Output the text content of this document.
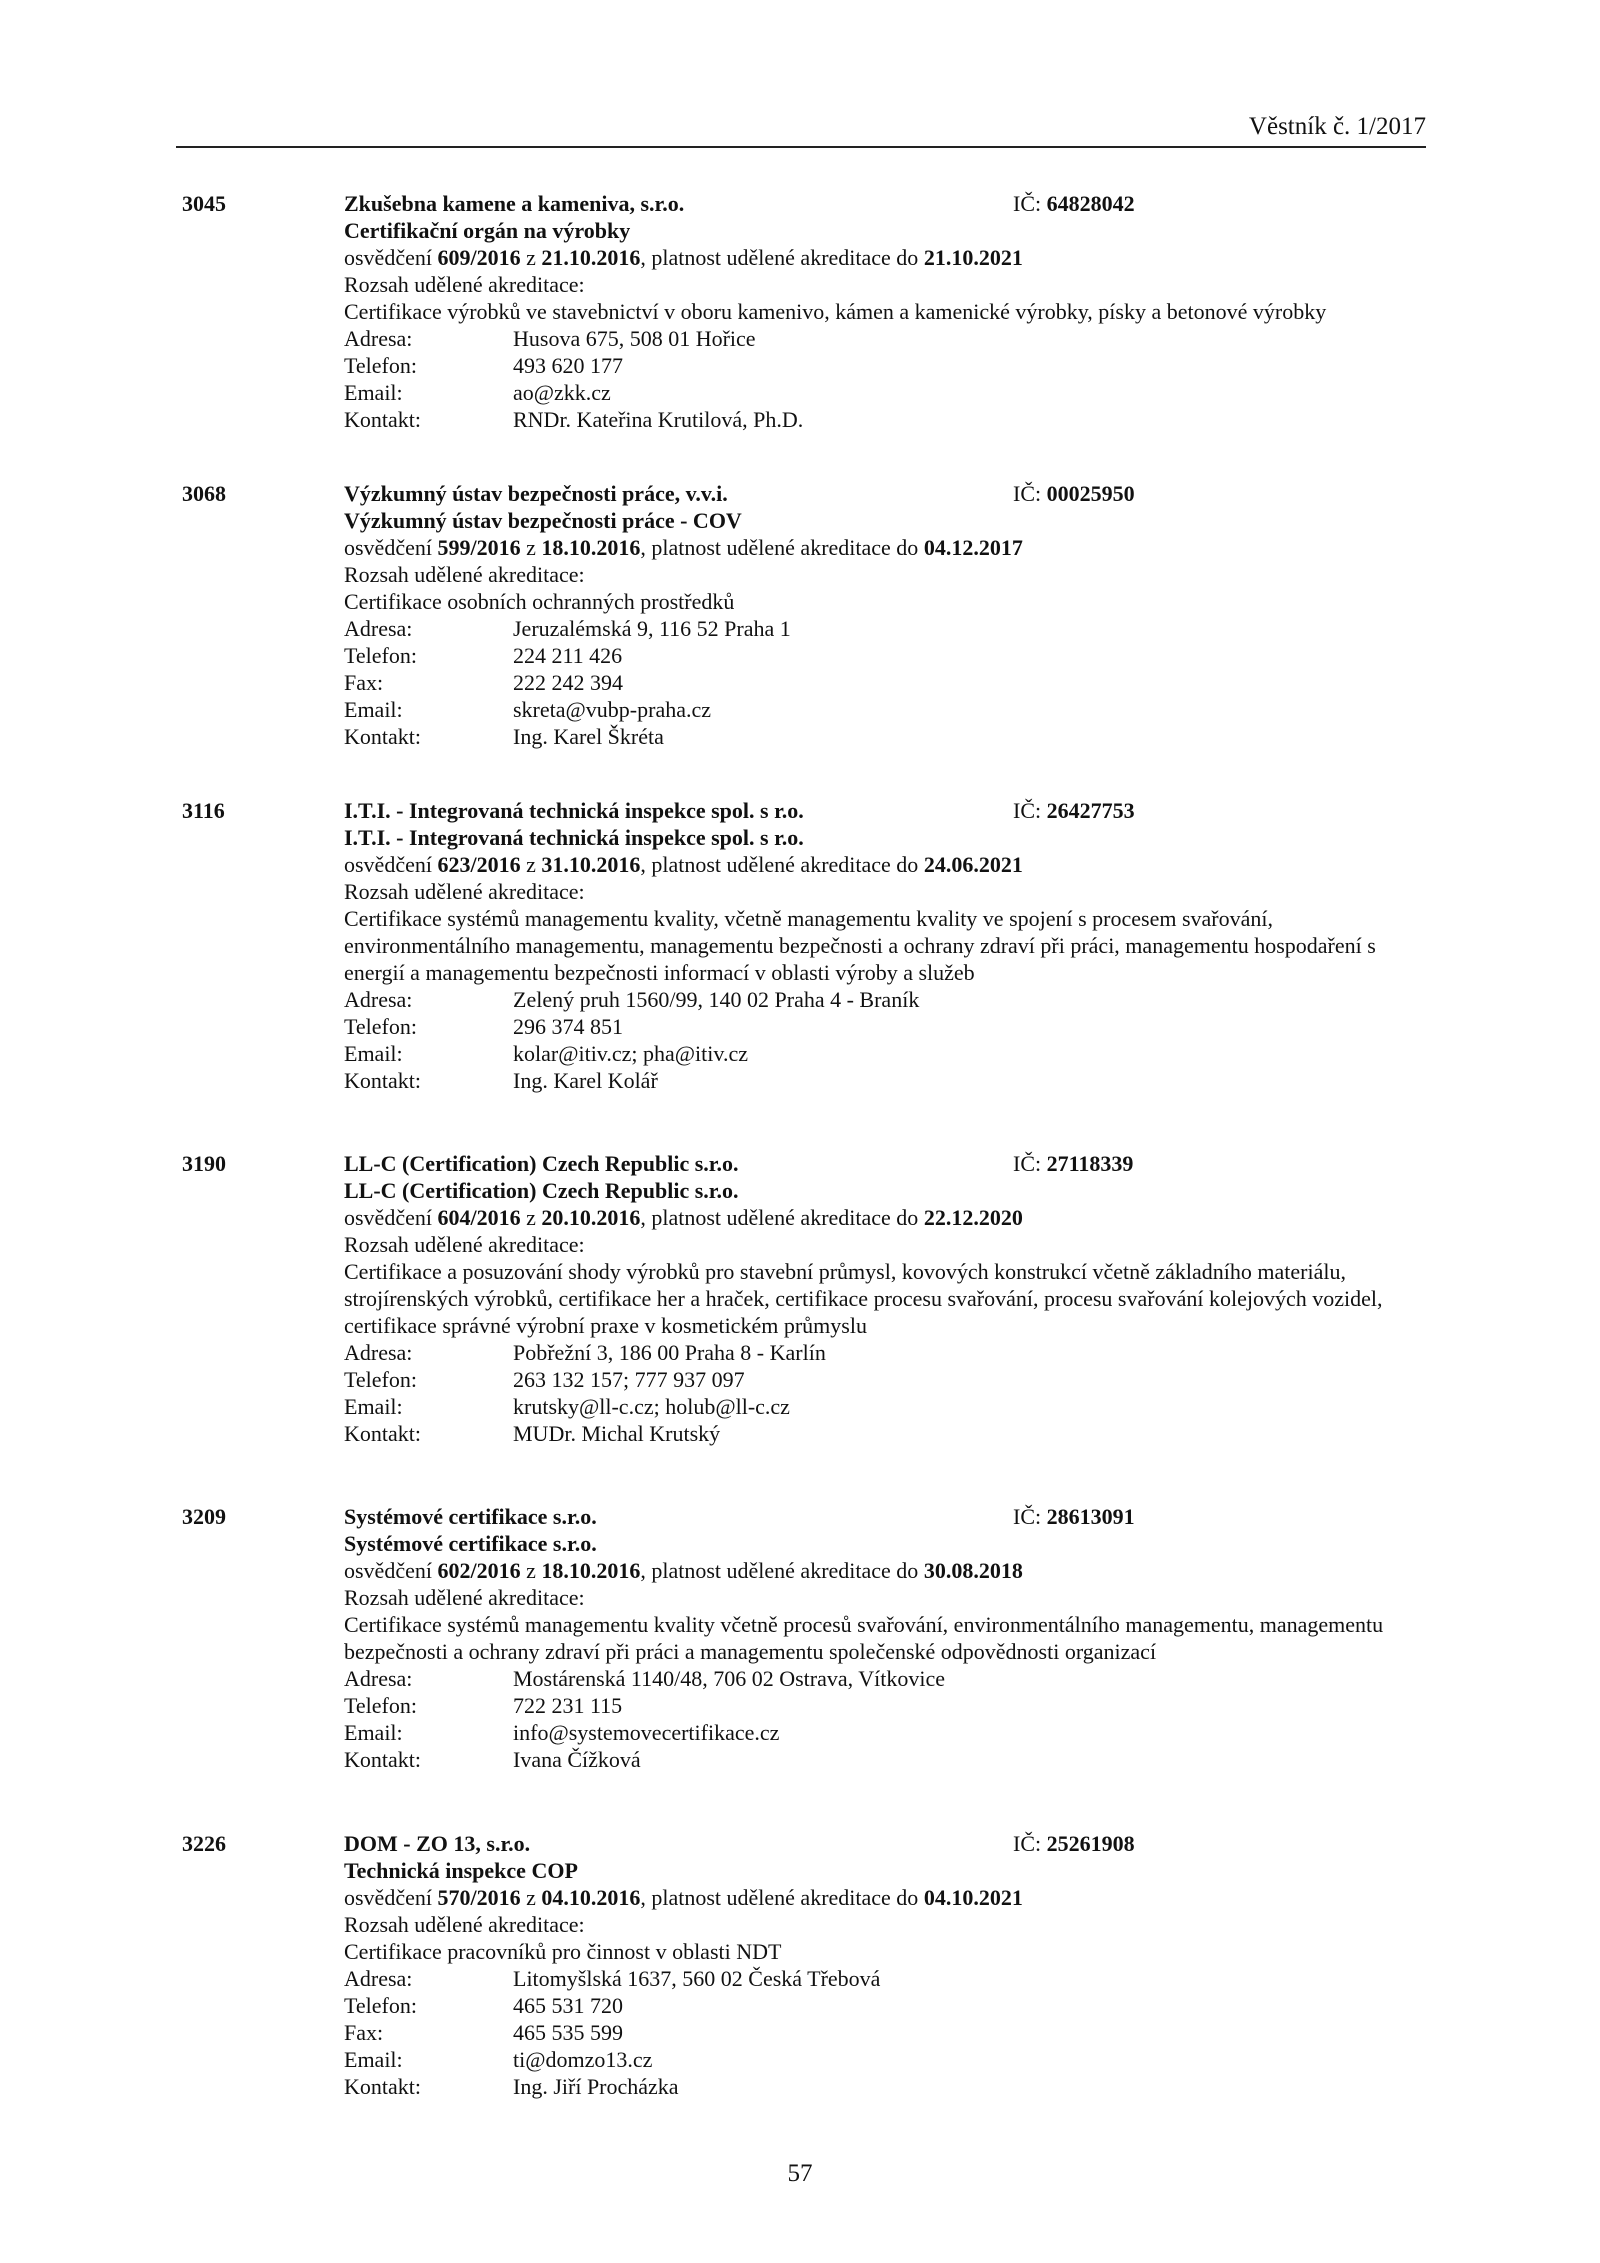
Věstník č. 1/2017
3045	Zkušebna kamene a kameniva, s.r.o.	IČ: 64828042
Certifikační orgán na výrobky
osvědčení 609/2016 z 21.10.2016, platnost udělené akreditace do 21.10.2021
Rozsah udělené akreditace:
Certifikace výrobků ve stavebnictví v oboru kamenivo, kámen a kamenické výrobky, písky a betonové výrobky
Adresa:	Husova 675, 508 01 Hořice
Telefon:	493 620 177
Email:	ao@zkk.cz
Kontakt:	RNDr. Kateřina Krutilová, Ph.D.
3068	Výzkumný ústav bezpečnosti práce, v.v.i.	IČ: 00025950
Výzkumný ústav bezpečnosti práce - COV
osvědčení 599/2016 z 18.10.2016, platnost udělené akreditace do 04.12.2017
Rozsah udělené akreditace:
Certifikace osobních ochranných prostředků
Adresa:	Jeruzalémská 9, 116 52 Praha 1
Telefon:	224 211 426
Fax:	222 242 394
Email:	skreta@vubp-praha.cz
Kontakt:	Ing. Karel Škréta
3116	I.T.I. - Integrovaná technická inspekce spol. s r.o.	IČ: 26427753
I.T.I. - Integrovaná technická inspekce spol. s r.o.
osvědčení 623/2016 z 31.10.2016, platnost udělené akreditace do 24.06.2021
Rozsah udělené akreditace:
Certifikace systémů managementu kvality, včetně managementu kvality ve spojení s procesem svařování, environmentálního managementu, managementu bezpečnosti a ochrany zdraví při práci, managementu hospodaření s energií a managementu bezpečnosti informací v oblasti výroby a služeb
Adresa:	Zelený pruh 1560/99, 140 02 Praha 4 - Braník
Telefon:	296 374 851
Email:	kolar@itiv.cz; pha@itiv.cz
Kontakt:	Ing. Karel Kolář
3190	LL-C (Certification) Czech Republic s.r.o.	IČ: 27118339
LL-C (Certification) Czech Republic s.r.o.
osvědčení 604/2016 z 20.10.2016, platnost udělené akreditace do 22.12.2020
Rozsah udělené akreditace:
Certifikace a posuzování shody výrobků pro stavební průmysl, kovových konstrukcí včetně základního materiálu, strojírenských výrobků, certifikace her a hraček, certifikace procesu svařování, procesu svařování kolejových vozidel, certifikace správné výrobní praxe v kosmetickém průmyslu
Adresa:	Pobřežní 3, 186 00 Praha 8 - Karlín
Telefon:	263 132 157; 777 937 097
Email:	krutsky@ll-c.cz; holub@ll-c.cz
Kontakt:	MUDr. Michal Krutský
3209	Systémové certifikace s.r.o.	IČ: 28613091
Systémové certifikace s.r.o.
osvědčení 602/2016 z 18.10.2016, platnost udělené akreditace do 30.08.2018
Rozsah udělené akreditace:
Certifikace systémů managementu kvality včetně procesů svařování, environmentálního managementu, managementu bezpečnosti a ochrany zdraví při práci a managementu společenské odpovědnosti organizací
Adresa:	Mostárenská 1140/48, 706 02 Ostrava, Vítkovice
Telefon:	722 231 115
Email:	info@systemovecertifikace.cz
Kontakt:	Ivana Čížková
3226	DOM - ZO 13, s.r.o.	IČ: 25261908
Technická inspekce COP
osvědčení 570/2016 z 04.10.2016, platnost udělené akreditace do 04.10.2021
Rozsah udělené akreditace:
Certifikace pracovníků pro činnost v oblasti NDT
Adresa:	Litomyšlská 1637, 560 02 Česká Třebová
Telefon:	465 531 720
Fax:	465 535 599
Email:	ti@domzo13.cz
Kontakt:	Ing. Jiří Procházka
57
